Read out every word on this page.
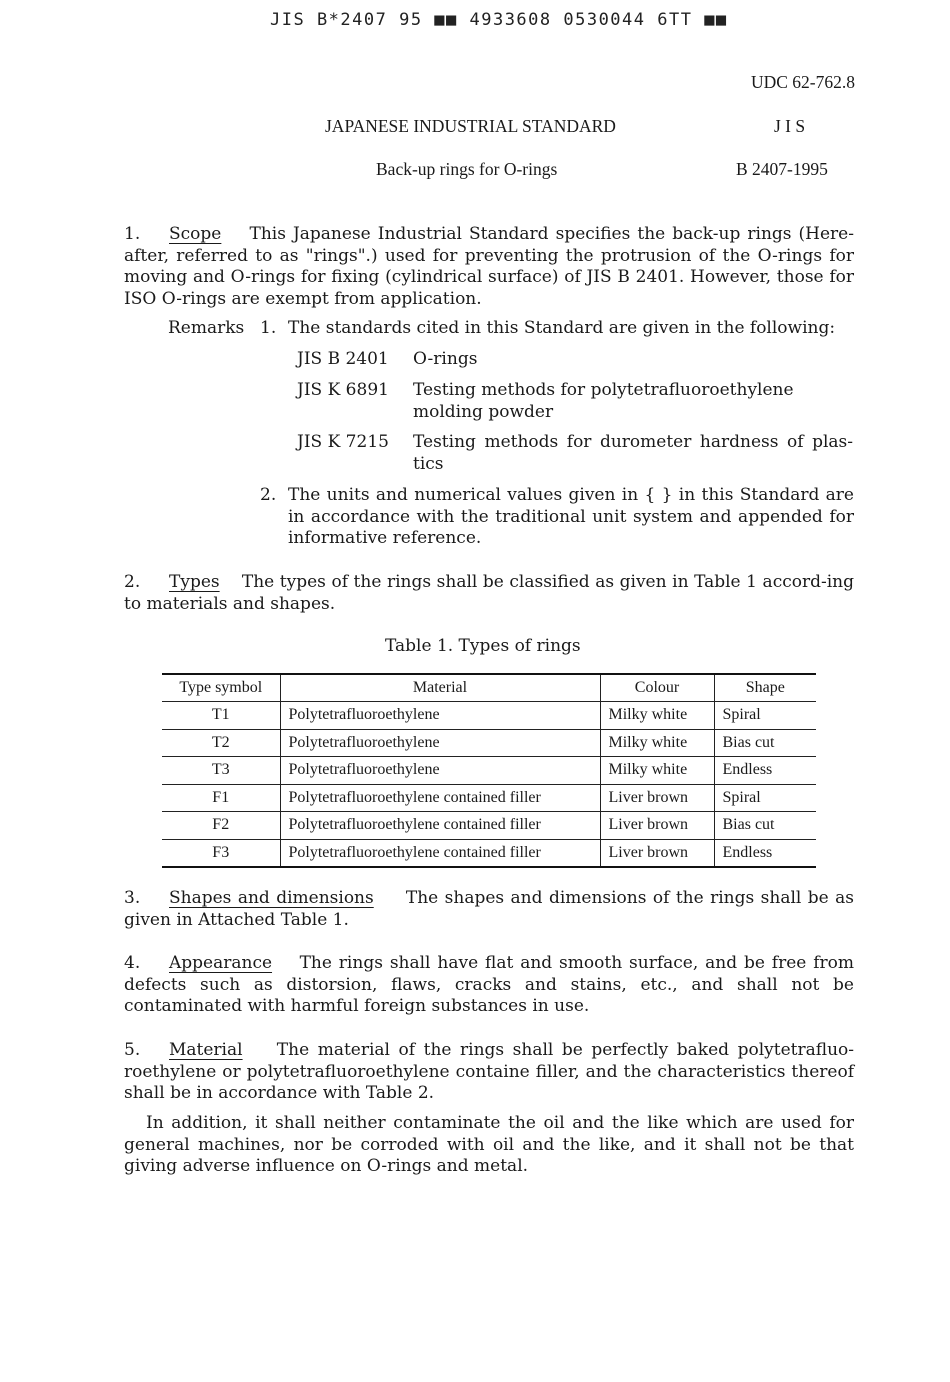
JIS B*2407 95 ■■ 4933608 0530044 6TT ■■
UDC 62-762.8
JAPANESE INDUSTRIAL STANDARD	J I S
Back-up rings for O-rings	B 2407-1995
1. Scope This Japanese Industrial Standard specifies the back-up rings (Here-after, referred to as "rings".) used for preventing the protrusion of the O-rings for moving and O-rings for fixing (cylindrical surface) of JIS B 2401. However, those for ISO O-rings are exempt from application.
Remarks 1. The standards cited in this Standard are given in the following:
JIS B 2401 O-rings
JIS K 6891 Testing methods for polytetrafluoroethylene molding powder
JIS K 7215 Testing methods for durometer hardness of plas-tics
2. The units and numerical values given in { } in this Standard are in accordance with the traditional unit system and appended for informative reference.
2. Types The types of the rings shall be classified as given in Table 1 accord-ing to materials and shapes.
Table 1. Types of rings
Type symbol	Material	Colour	Shape
T1	Polytetrafluoroethylene	Milky white	Spiral
T2	Polytetrafluoroethylene	Milky white	Bias cut
T3	Polytetrafluoroethylene	Milky white	Endless
F1	Polytetrafluoroethylene contained filler	Liver brown	Spiral
F2	Polytetrafluoroethylene contained filler	Liver brown	Bias cut
F3	Polytetrafluoroethylene contained filler	Liver brown	Endless
3. Shapes and dimensions The shapes and dimensions of the rings shall be as given in Attached Table 1.
4. Appearance The rings shall have flat and smooth surface, and be free from defects such as distorsion, flaws, cracks and stains, etc., and shall not be contaminated with harmful foreign substances in use.
5. Material The material of the rings shall be perfectly baked polytetrafluo-roethylene or polytetrafluoroethylene containe filler, and the characteristics thereof shall be in accordance with Table 2.
In addition, it shall neither contaminate the oil and the like which are used for general machines, nor be corroded with oil and the like, and it shall not be that giving adverse influence on O-rings and metal.
